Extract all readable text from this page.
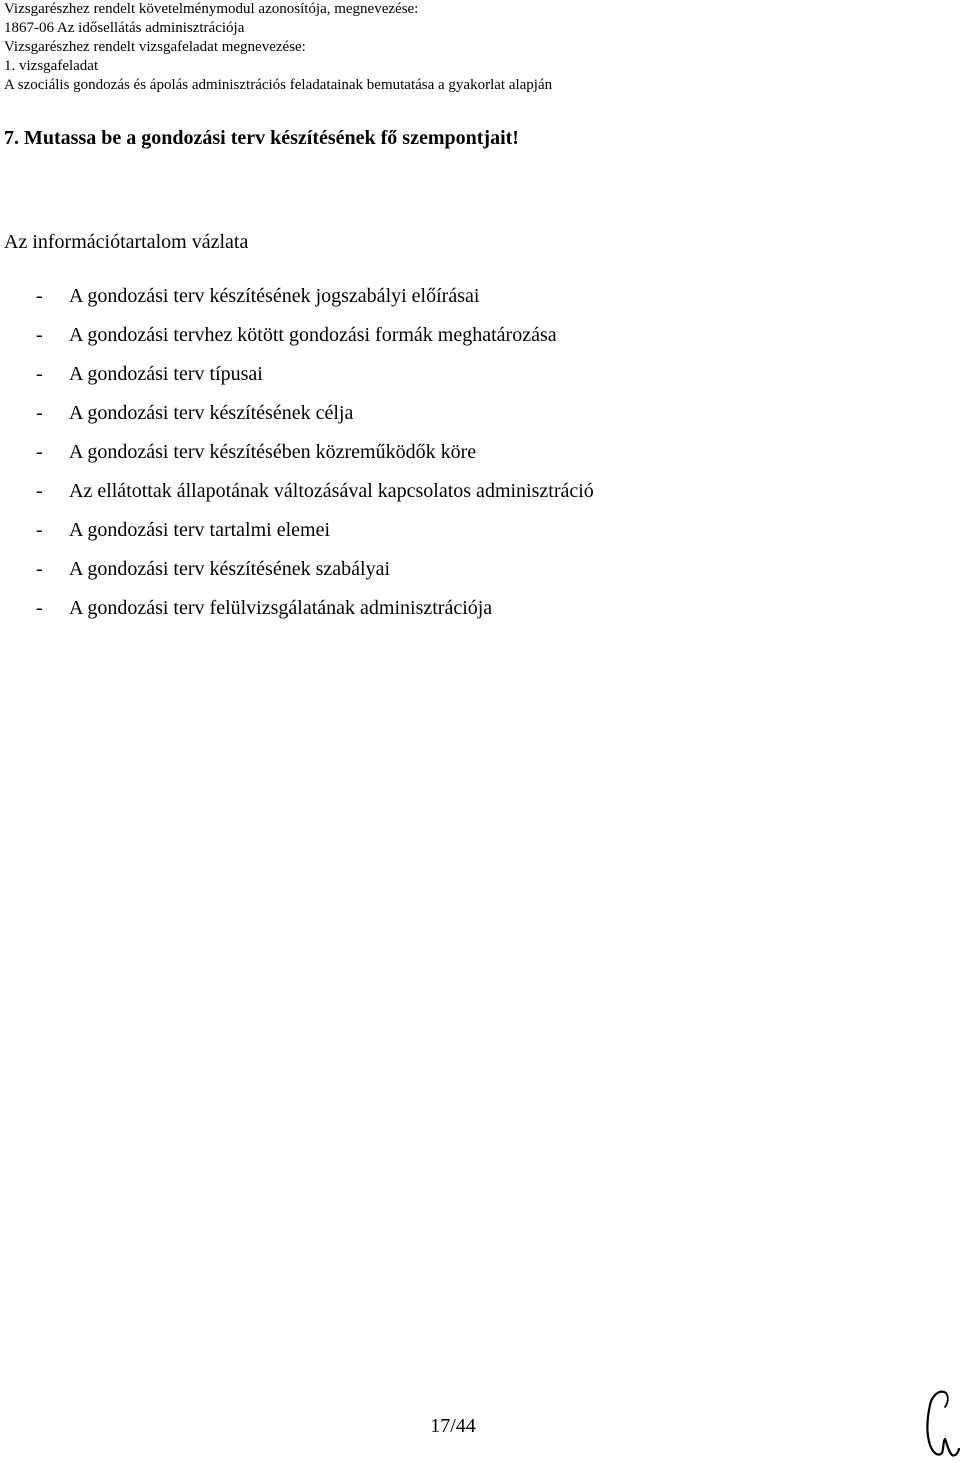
Vizsgarészhez rendelt követelménymodul azonosítója, megnevezése:
1867-06 Az idősellátás adminisztrációja
Vizsgarészhez rendelt vizsgafeladat megnevezése:
1. vizsgafeladat
A szociális gondozás és ápolás adminisztrációs feladatainak bemutatása a gyakorlat alapján
7. Mutassa be a gondozási terv készítésének fő szempontjait!
Az információtartalom vázlata
-	A gondozási terv készítésének jogszabályi előírásai
-	A gondozási tervhez kötött gondozási formák meghatározása
-	A gondozási terv típusai
-	A gondozási terv készítésének célja
-	A gondozási terv készítésében közreműködők köre
-	Az ellátottak állapotának változásával kapcsolatos adminisztráció
-	A gondozási terv tartalmi elemei
-	A gondozási terv készítésének szabályai
-	A gondozási terv felülvizsgálatának adminisztrációja
17/44
